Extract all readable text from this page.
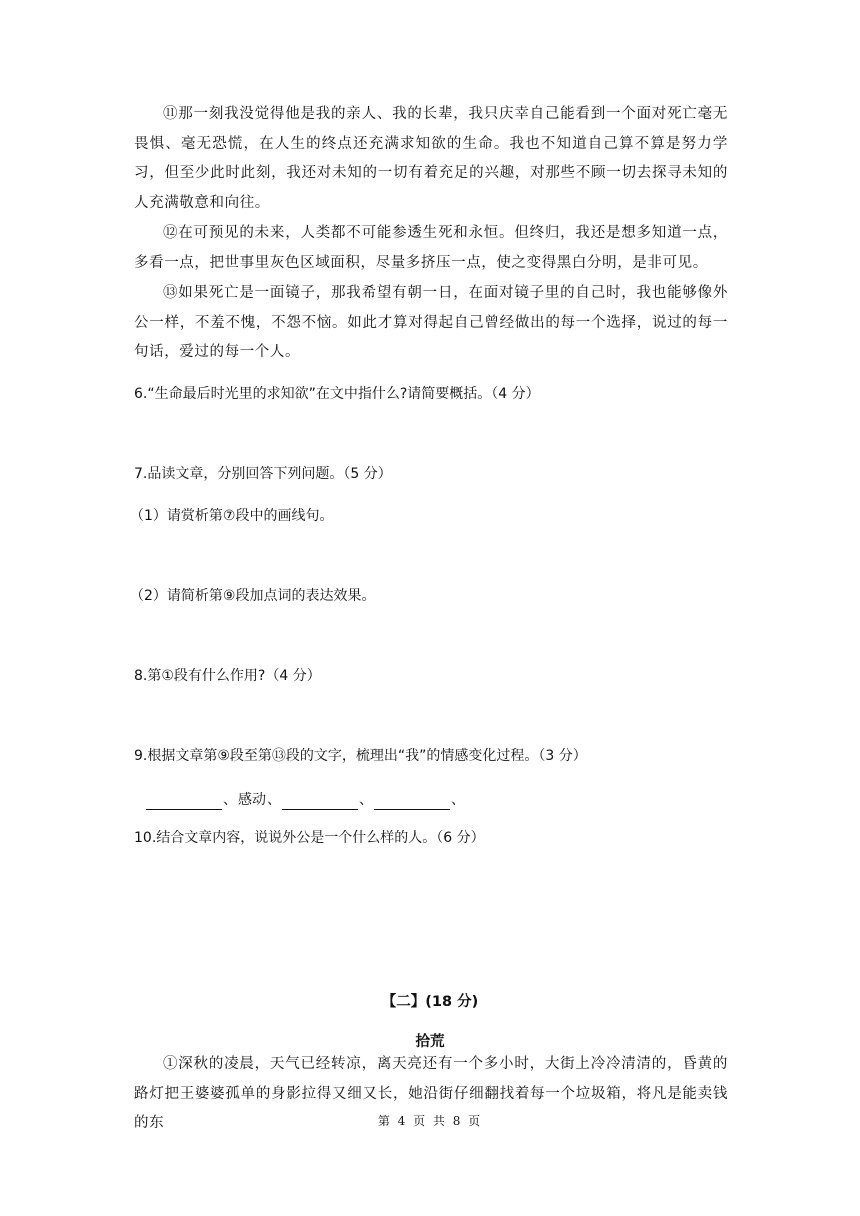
⑪那一刻我没觉得他是我的亲人、我的长辈，我只庆幸自己能看到一个面对死亡毫无畏惧、毫无恐慌，在人生的终点还充满求知欲的生命。我也不知道自己算不算是努力学习，但至少此时此刻，我还对未知的一切有着充足的兴趣，对那些不顾一切去探寻未知的人充满敬意和向往。
⑫在可预见的未来，人类都不可能参透生死和永恒。但终归，我还是想多知道一点，多看一点，把世事里灰色区域面积，尽量多挤压一点，使之变得黑白分明，是非可见。
⑬如果死亡是一面镜子，那我希望有朝一日，在面对镜子里的自己时，我也能够像外公一样，不羞不愧，不怨不恼。如此才算对得起自己曾经做出的每一个选择，说过的每一句话，爱过的每一个人。
6.“生命最后时光里的求知欲”在文中指什么?请简要概括。（4 分）
7.品读文章，分别回答下列问题。（5 分）
（1）请赏析第⑦段中的画线句。
（2）请简析第⑨段加点词的表达效果。
8.第①段有什么作用?（4 分）
9.根据文章第⑨段至第⑬段的文字，梳理出“我”的情感变化过程。（3 分）
、 感动 、	、	、
10.结合文章内容，说说外公是一个什么样的人。（6 分）
【二】(18 分)
拾荒
①深秋的凌晨，天气已经转凉，离天亮还有一个多小时，大街上冷冷清清的，昏黄的路灯把王婆婆孤单的身影拉得又细又长，她沿街仔细翻找着每一个垃圾箱，将凡是能卖钱的东	第 4 页 共 8 页
